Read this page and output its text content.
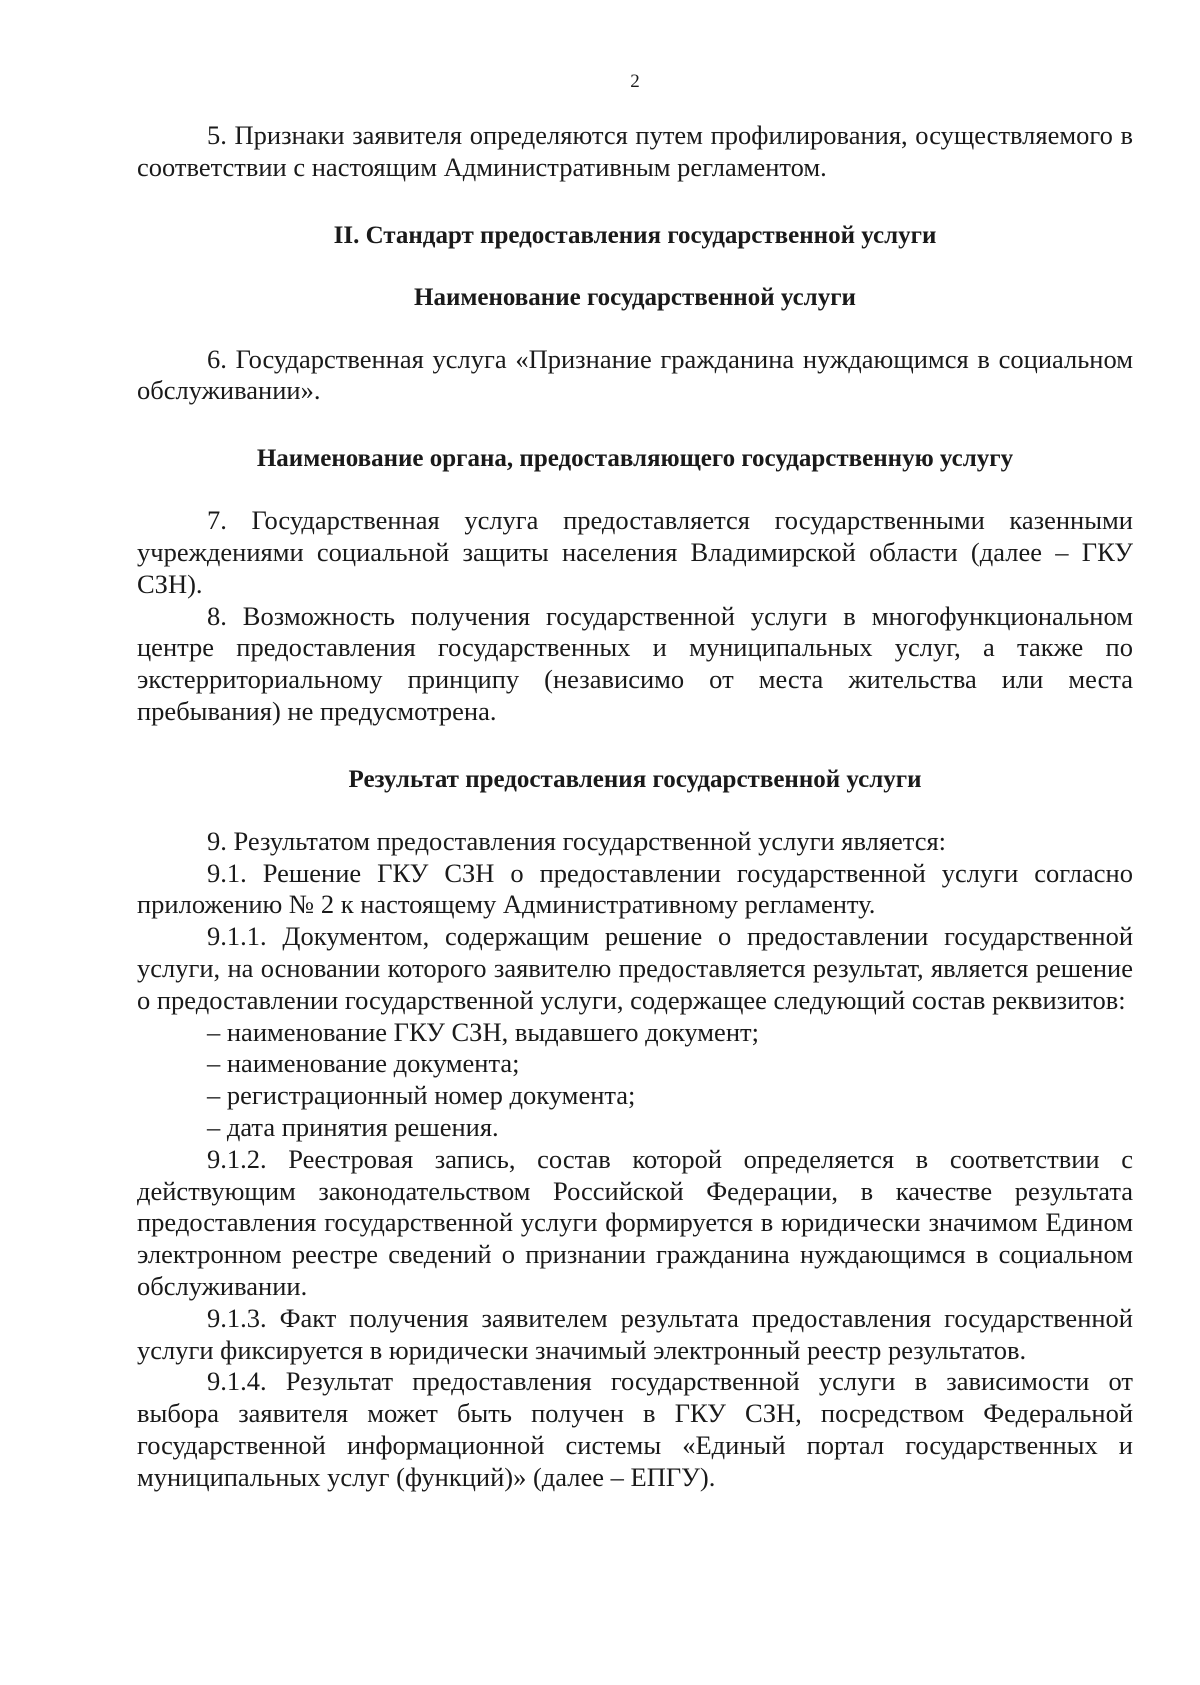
2

5. Признаки заявителя определяются путем профилирования, осуществляемого в соответствии с настоящим Административным регламентом.

II. Стандарт предоставления государственной услуги
Наименование государственной услуги

6. Государственная услуга «Признание гражданина нуждающимся в социальном обслуживании».

Наименование органа, предоставляющего государственную услугу

7. Государственная услуга предоставляется государственными казенными учреждениями социальной защиты населения Владимирской области (далее – ГКУ СЗН).

8. Возможность получения государственной услуги в многофункциональном центре предоставления государственных и муниципальных услуг, а также по экстерриториальному принципу (независимо от места жительства или места пребывания) не предусмотрена.

Результат предоставления государственной услуги

9. Результатом предоставления государственной услуги является:

9.1. Решение ГКУ СЗН о предоставлении государственной услуги согласно приложению № 2 к настоящему Административному регламенту.

9.1.1. Документом, содержащим решение о предоставлении государственной услуги, на основании которого заявителю предоставляется результат, является решение о предоставлении государственной услуги, содержащее следующий состав реквизитов:

– наименование ГКУ СЗН, выдавшего документ;

– наименование документа;

– регистрационный номер документа;

– дата принятия решения.

9.1.2. Реестровая запись, состав которой определяется в соответствии с действующим законодательством Российской Федерации, в качестве результата предоставления государственной услуги формируется в юридически значимом Едином электронном реестре сведений о признании гражданина нуждающимся в социальном обслуживании.

9.1.3. Факт получения заявителем результата предоставления государственной услуги фиксируется в юридически значимый электронный реестр результатов.

9.1.4. Результат предоставления государственной услуги в зависимости от выбора заявителя может быть получен в ГКУ СЗН, посредством Федеральной государственной информационной системы «Единый портал государственных и муниципальных услуг (функций)» (далее – ЕПГУ).
